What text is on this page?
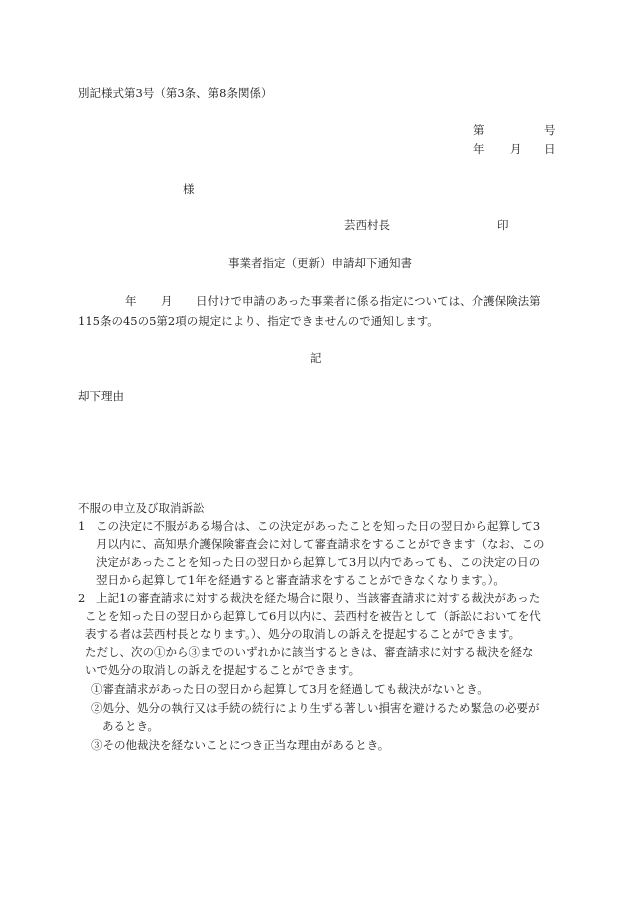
別記様式第3号（第3条、第8条関係）
第	号
年 月 日
様
芸西村長	印
事業者指定（更新）申請却下通知書
年 月 日付けで申請のあった事業者に係る指定については、介護保険法第
115条の45の5第2項の規定により、指定できませんので通知します。
記
却下理由
不服の申立及び取消訴訟
1 この決定に不服がある場合は、この決定があったことを知った日の翌日から起算して3
月以内に、高知県介護保険審査会に対して審査請求をすることができます（なお、この
決定があったことを知った日の翌日から起算して3月以内であっても、この決定の日の
翌日から起算して1年を経過すると審査請求をすることができなくなります。）。
2 上記1の審査請求に対する裁決を経た場合に限り、当該審査請求に対する裁決があった
ことを知った日の翌日から起算して6月以内に、芸西村を被告として（訴訟においてを代
表する者は芸西村長となります。）、処分の取消しの訴えを提起することができます。
ただし、次の①から③までのいずれかに該当するときは、審査請求に対する裁決を経な
いで処分の取消しの訴えを提起することができます。
①審査請求があった日の翌日から起算して3月を経過しても裁決がないとき。
②処分、処分の執行又は手続の続行により生ずる著しい損害を避けるため緊急の必要が
あるとき。
③その他裁決を経ないことにつき正当な理由があるとき。
